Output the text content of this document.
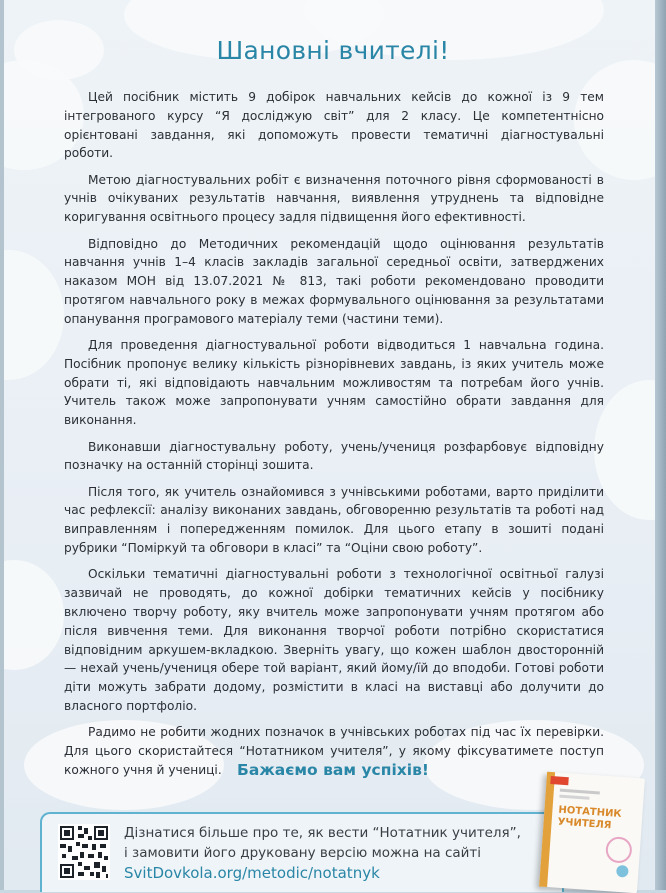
Шановні вчителі!

Цей посібник містить 9 добірок навчальних кейсів до кожної із 9 тем інтегрованого курсу “Я досліджую світ” для 2 класу. Це компетентнісно орієнтовані завдання, які допоможуть провести тематичні діагностувальні роботи.

Метою діагностувальних робіт є визначення поточного рівня сформованості в учнів очікуваних результатів навчання, виявлення утруднень та відповідне коригування освітнього процесу задля підвищення його ефективності.

Відповідно до Методичних рекомендацій щодо оцінювання результатів навчання учнів 1–4 класів закладів загальної середньої освіти, затверджених наказом МОН від 13.07.2021 № 813, такі роботи рекомендовано проводити протягом навчального року в межах формувального оцінювання за результатами опанування програмового матеріалу теми (частини теми).

Для проведення діагностувальної роботи відводиться 1 навчальна година. Посібник пропонує велику кількість різнорівневих завдань, із яких учитель може обрати ті, які відповідають навчальним можливостям та потребам його учнів. Учитель також може запропонувати учням самостійно обрати завдання для виконання.

Виконавши діагностувальну роботу, учень/учениця розфарбовує відповідну позначку на останній сторінці зошита.

Після того, як учитель ознайомився з учнівськими роботами, варто приділити час рефлексії: аналізу виконаних завдань, обговоренню результатів та роботі над виправленням і попередженням помилок. Для цього етапу в зошиті подані рубрики “Поміркуй та обговори в класі” та “Оціни свою роботу”.

Оскільки тематичні діагностувальні роботи з технологічної освітньої галузі зазвичай не проводять, до кожної добірки тематичних кейсів у посібнику включено творчу роботу, яку вчитель може запропонувати учням протягом або після вивчення теми. Для виконання творчої роботи потрібно скористатися відповідним аркушем-вкладкою. Зверніть увагу, що кожен шаблон двосторонній — нехай учень/учениця обере той варіант, який йому/їй до вподоби. Готові роботи діти можуть забрати додому, розмістити в класі на виставці або долучити до власного портфоліо.

Радимо не робити жодних позначок в учнівських роботах під час їх перевірки. Для цього скористайтеся “Нотатником учителя”, у якому фіксуватимете поступ кожного учня й учениці. Бажаємо вам успіхів!
Дізнатися більше про те, як вести “Нотатник учителя”,
і замовити його друковану версію можна на сайті
SvitDovkola.org/metodic/notatnyk
НОТАТНИК
УЧИТЕЛЯ
